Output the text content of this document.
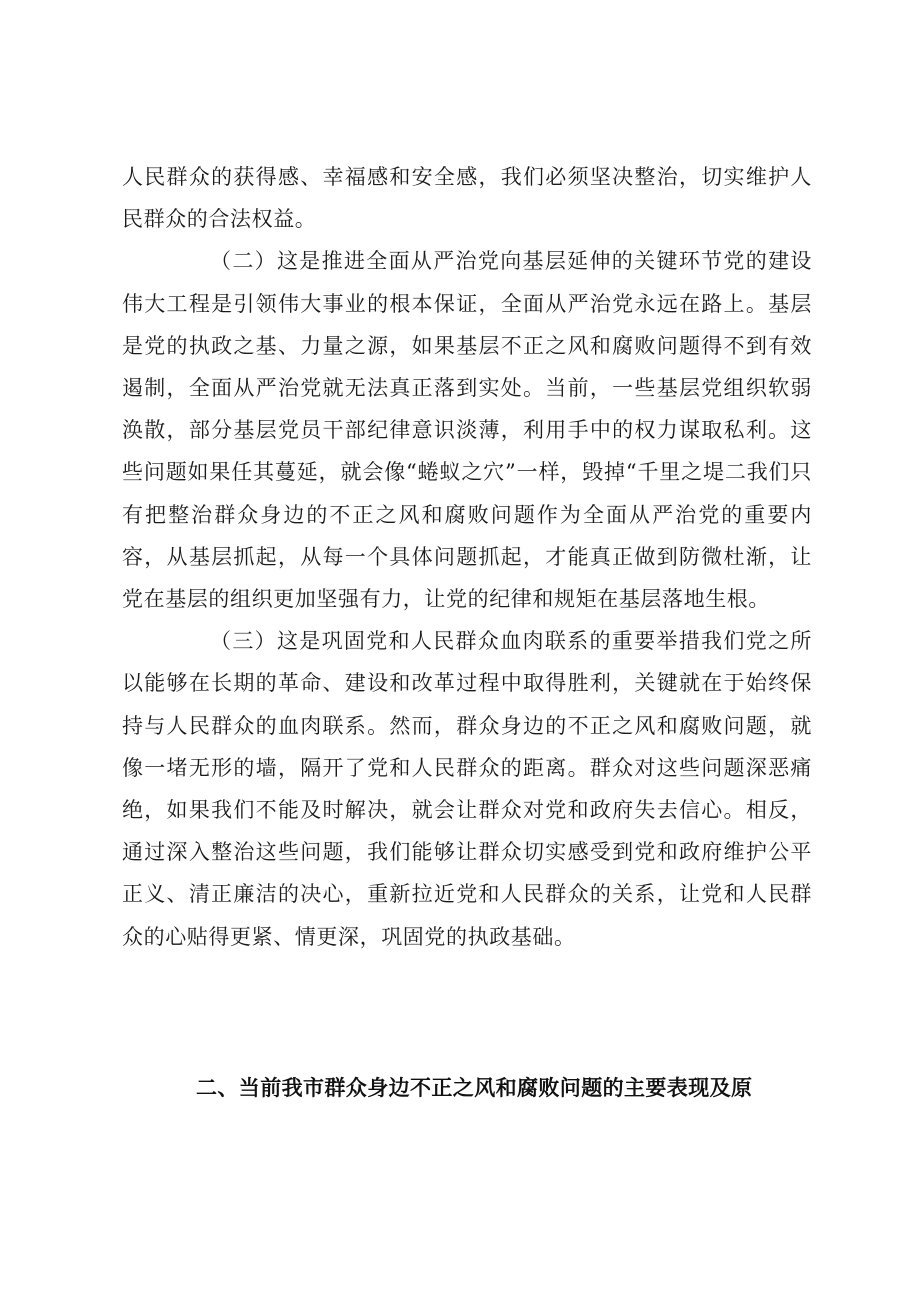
人民群众的获得感、幸福感和安全感，我们必须坚决整治，切实维护人民群众的合法权益。

（二）这是推进全面从严治党向基层延伸的关键环节党的建设伟大工程是引领伟大事业的根本保证，全面从严治党永远在路上。基层是党的执政之基、力量之源，如果基层不正之风和腐败问题得不到有效遏制，全面从严治党就无法真正落到实处。当前，一些基层党组织软弱涣散，部分基层党员干部纪律意识淡薄，利用手中的权力谋取私利。这些问题如果任其蔓延，就会像“蜷蚁之穴”一样，毁掉“千里之堤二我们只有把整治群众身边的不正之风和腐败问题作为全面从严治党的重要内容，从基层抓起，从每一个具体问题抓起，才能真正做到防微杜渐，让党在基层的组织更加坚强有力，让党的纪律和规矩在基层落地生根。

（三）这是巩固党和人民群众血肉联系的重要举措我们党之所以能够在长期的革命、建设和改革过程中取得胜利，关键就在于始终保持与人民群众的血肉联系。然而，群众身边的不正之风和腐败问题，就像一堵无形的墙，隔开了党和人民群众的距离。群众对这些问题深恶痛绝，如果我们不能及时解决，就会让群众对党和政府失去信心。相反，通过深入整治这些问题，我们能够让群众切实感受到党和政府维护公平正义、清正廉洁的决心，重新拉近党和人民群众的关系，让党和人民群众的心贴得更紧、情更深，巩固党的执政基础。

二、当前我市群众身边不正之风和腐败问题的主要表现及原
